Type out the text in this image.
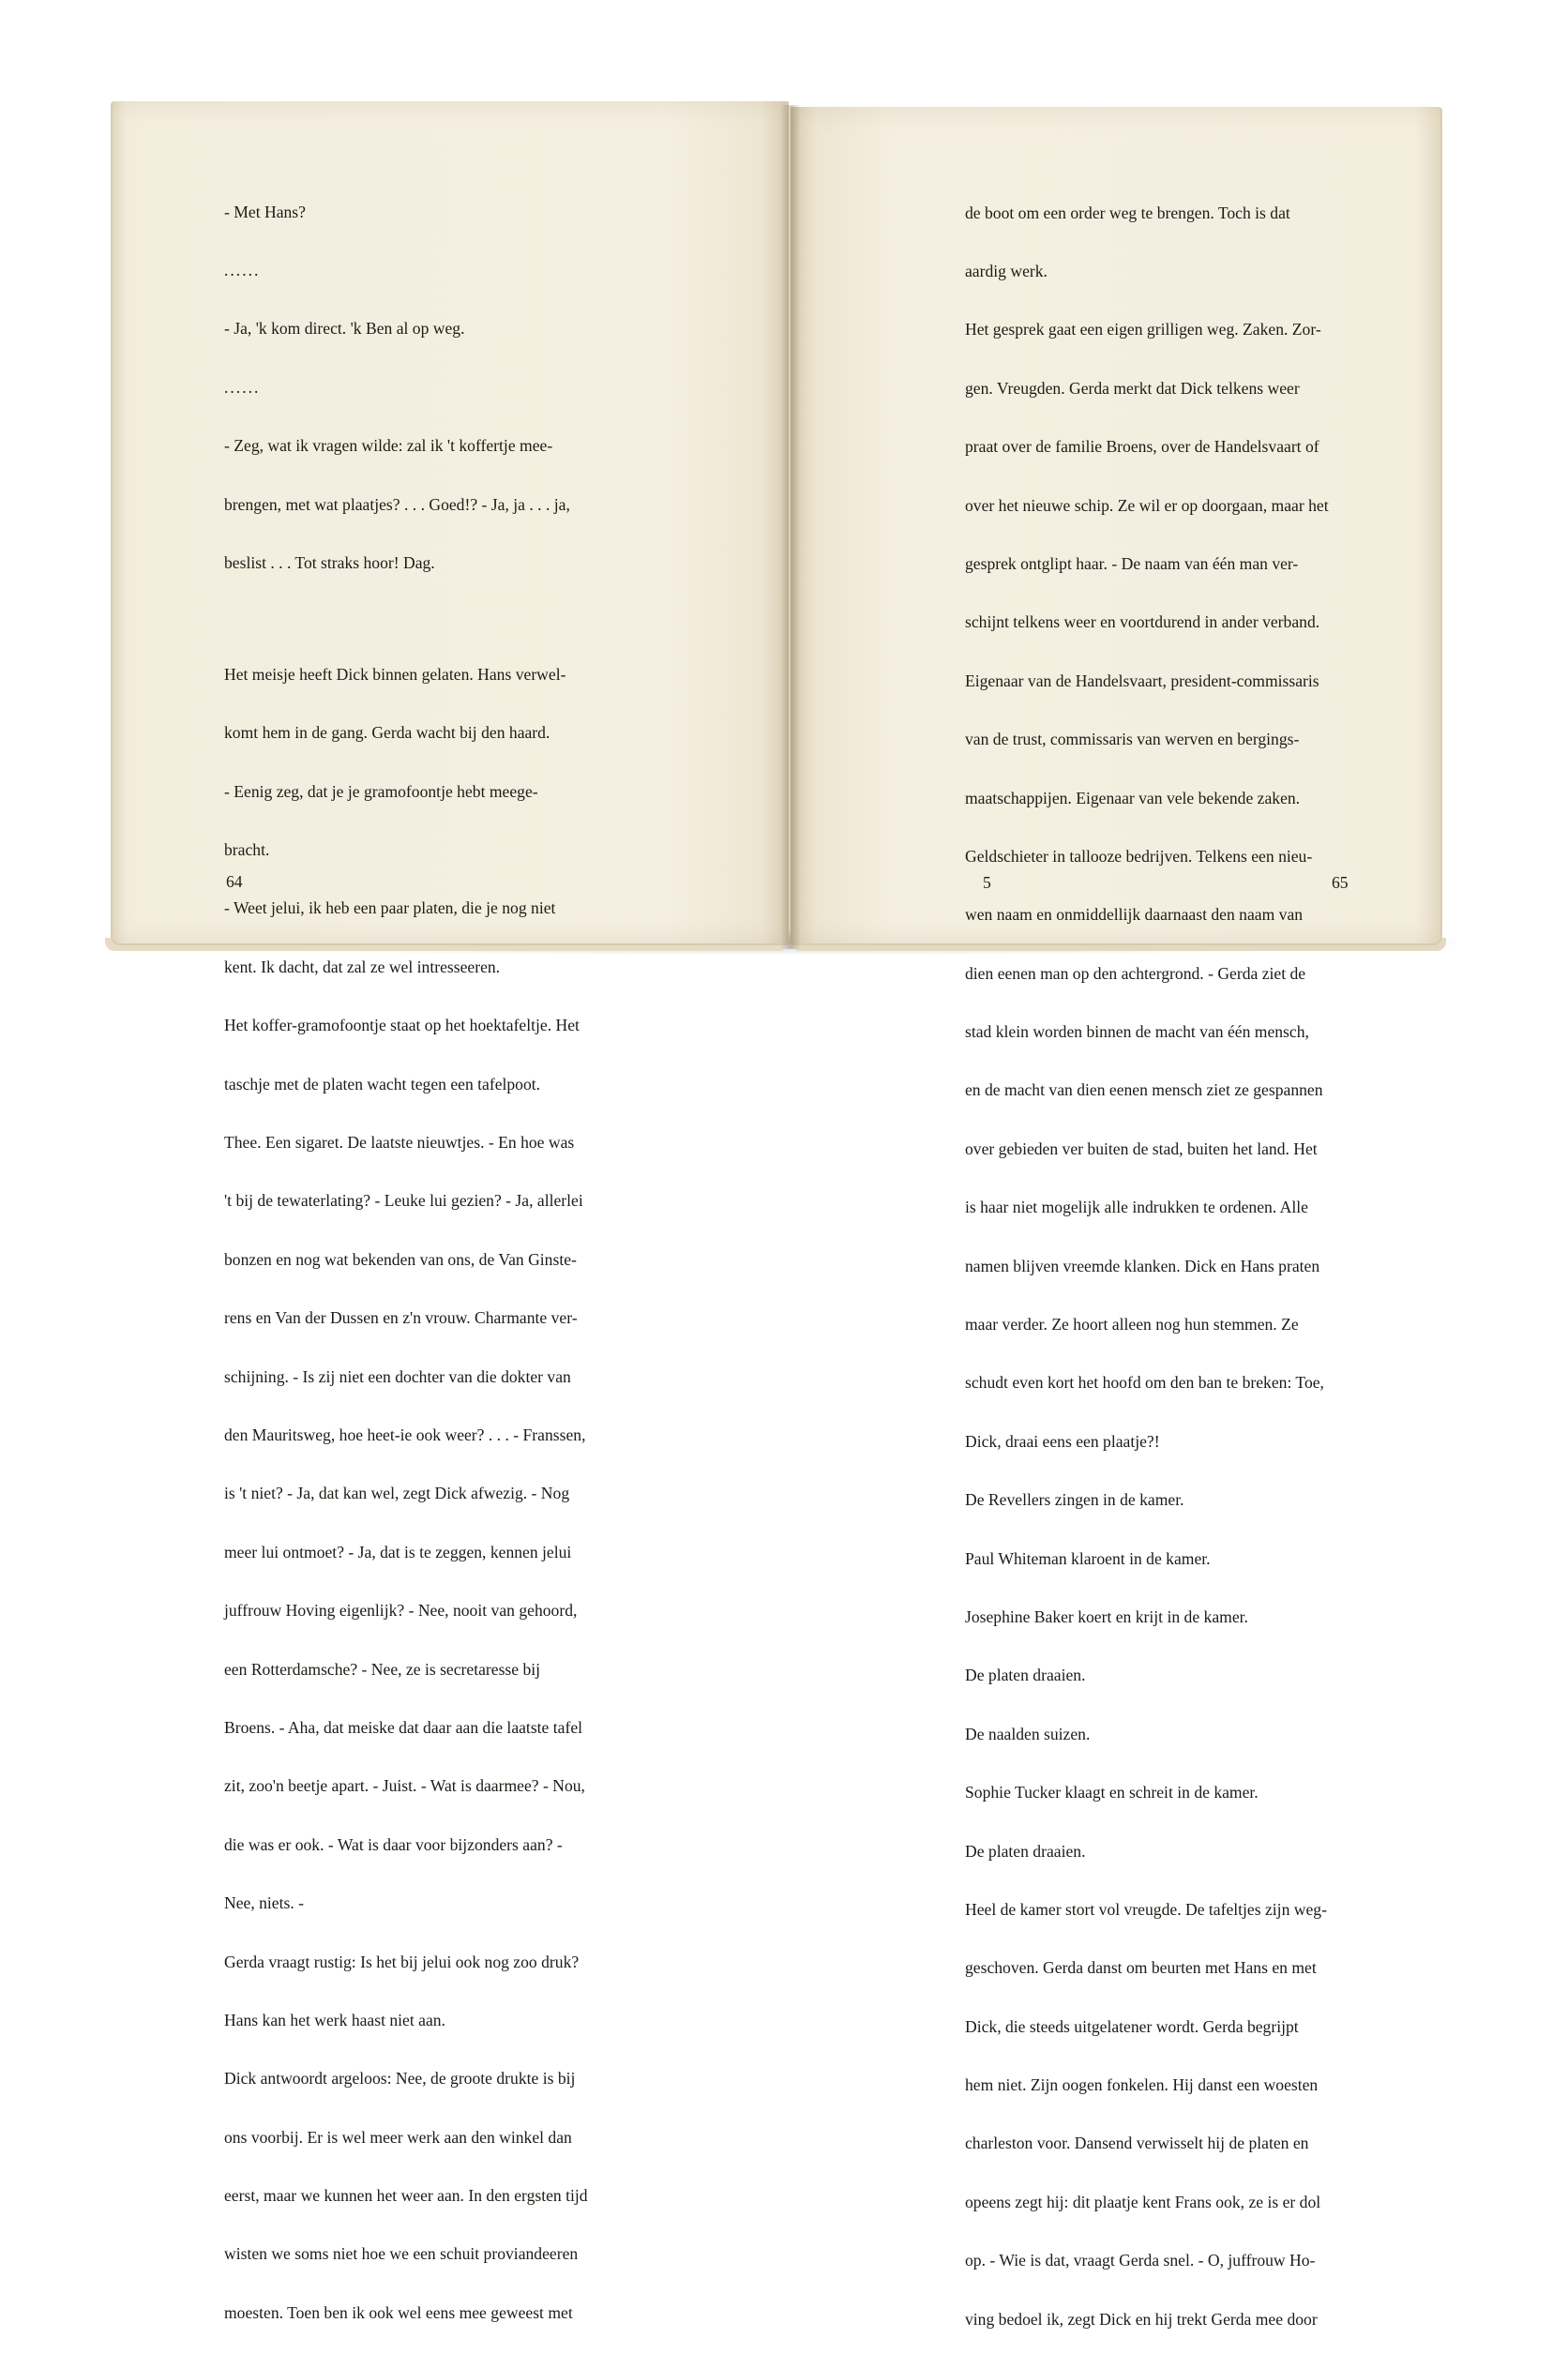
- Met Hans?

......

- Ja, 'k kom direct. 'k Ben al op weg.

......

- Zeg, wat ik vragen wilde: zal ik 't koffertje mee-

brengen, met wat plaatjes? . . . Goed!? - Ja, ja . . . ja,

beslist . . . Tot straks hoor! Dag.

Het meisje heeft Dick binnen gelaten. Hans verwel-

komt hem in de gang. Gerda wacht bij den haard.

- Eenig zeg, dat je je gramofoontje hebt meege-

bracht.

- Weet jelui, ik heb een paar platen, die je nog niet

kent. Ik dacht, dat zal ze wel intresseeren.

Het koffer-gramofoontje staat op het hoektafeltje. Het

taschje met de platen wacht tegen een tafelpoot.

Thee. Een sigaret. De laatste nieuwtjes. - En hoe was

't bij de tewaterlating? - Leuke lui gezien? - Ja, allerlei

bonzen en nog wat bekenden van ons, de Van Ginste-

rens en Van der Dussen en z'n vrouw. Charmante ver-

schijning. - Is zij niet een dochter van die dokter van

den Mauritsweg, hoe heet-ie ook weer? . . . - Franssen,

is 't niet? - Ja, dat kan wel, zegt Dick afwezig. - Nog

meer lui ontmoet? - Ja, dat is te zeggen, kennen jelui

juffrouw Hoving eigenlijk? - Nee, nooit van gehoord,

een Rotterdamsche? - Nee, ze is secretaresse bij

Broens. - Aha, dat meiske dat daar aan die laatste tafel

zit, zoo'n beetje apart. - Juist. - Wat is daarmee? - Nou,

die was er ook. - Wat is daar voor bijzonders aan? -

Nee, niets. -

Gerda vraagt rustig: Is het bij jelui ook nog zoo druk?

Hans kan het werk haast niet aan.

Dick antwoordt argeloos: Nee, de groote drukte is bij

ons voorbij. Er is wel meer werk aan den winkel dan

eerst, maar we kunnen het weer aan. In den ergsten tijd

wisten we soms niet hoe we een schuit proviandeeren

moesten. Toen ben ik ook wel eens mee geweest met

64

de boot om een order weg te brengen. Toch is dat

aardig werk.

Het gesprek gaat een eigen grilligen weg. Zaken. Zor-

gen. Vreugden. Gerda merkt dat Dick telkens weer

praat over de familie Broens, over de Handelsvaart of

over het nieuwe schip. Ze wil er op doorgaan, maar het

gesprek ontglipt haar. - De naam van één man ver-

schijnt telkens weer en voortdurend in ander verband.

Eigenaar van de Handelsvaart, president-commissaris

van de trust, commissaris van werven en bergings-

maatschappijen. Eigenaar van vele bekende zaken.

Geldschieter in tallooze bedrijven. Telkens een nieu-

wen naam en onmiddellijk daarnaast den naam van

dien eenen man op den achtergrond. - Gerda ziet de

stad klein worden binnen de macht van één mensch,

en de macht van dien eenen mensch ziet ze gespannen

over gebieden ver buiten de stad, buiten het land. Het

is haar niet mogelijk alle indrukken te ordenen. Alle

namen blijven vreemde klanken. Dick en Hans praten

maar verder. Ze hoort alleen nog hun stemmen. Ze

schudt even kort het hoofd om den ban te breken: Toe,

Dick, draai eens een plaatje?!

De Revellers zingen in de kamer.

Paul Whiteman klaroent in de kamer.

Josephine Baker koert en krijt in de kamer.

De platen draaien.

De naalden suizen.

Sophie Tucker klaagt en schreit in de kamer.

De platen draaien.

Heel de kamer stort vol vreugde. De tafeltjes zijn weg-

geschoven. Gerda danst om beurten met Hans en met

Dick, die steeds uitgelatener wordt. Gerda begrijpt

hem niet. Zijn oogen fonkelen. Hij danst een woesten

charleston voor. Dansend verwisselt hij de platen en

opeens zegt hij: dit plaatje kent Frans ook, ze is er dol

op. - Wie is dat, vraagt Gerda snel. - O, juffrouw Ho-

ving bedoel ik, zegt Dick en hij trekt Gerda mee door

5	65
